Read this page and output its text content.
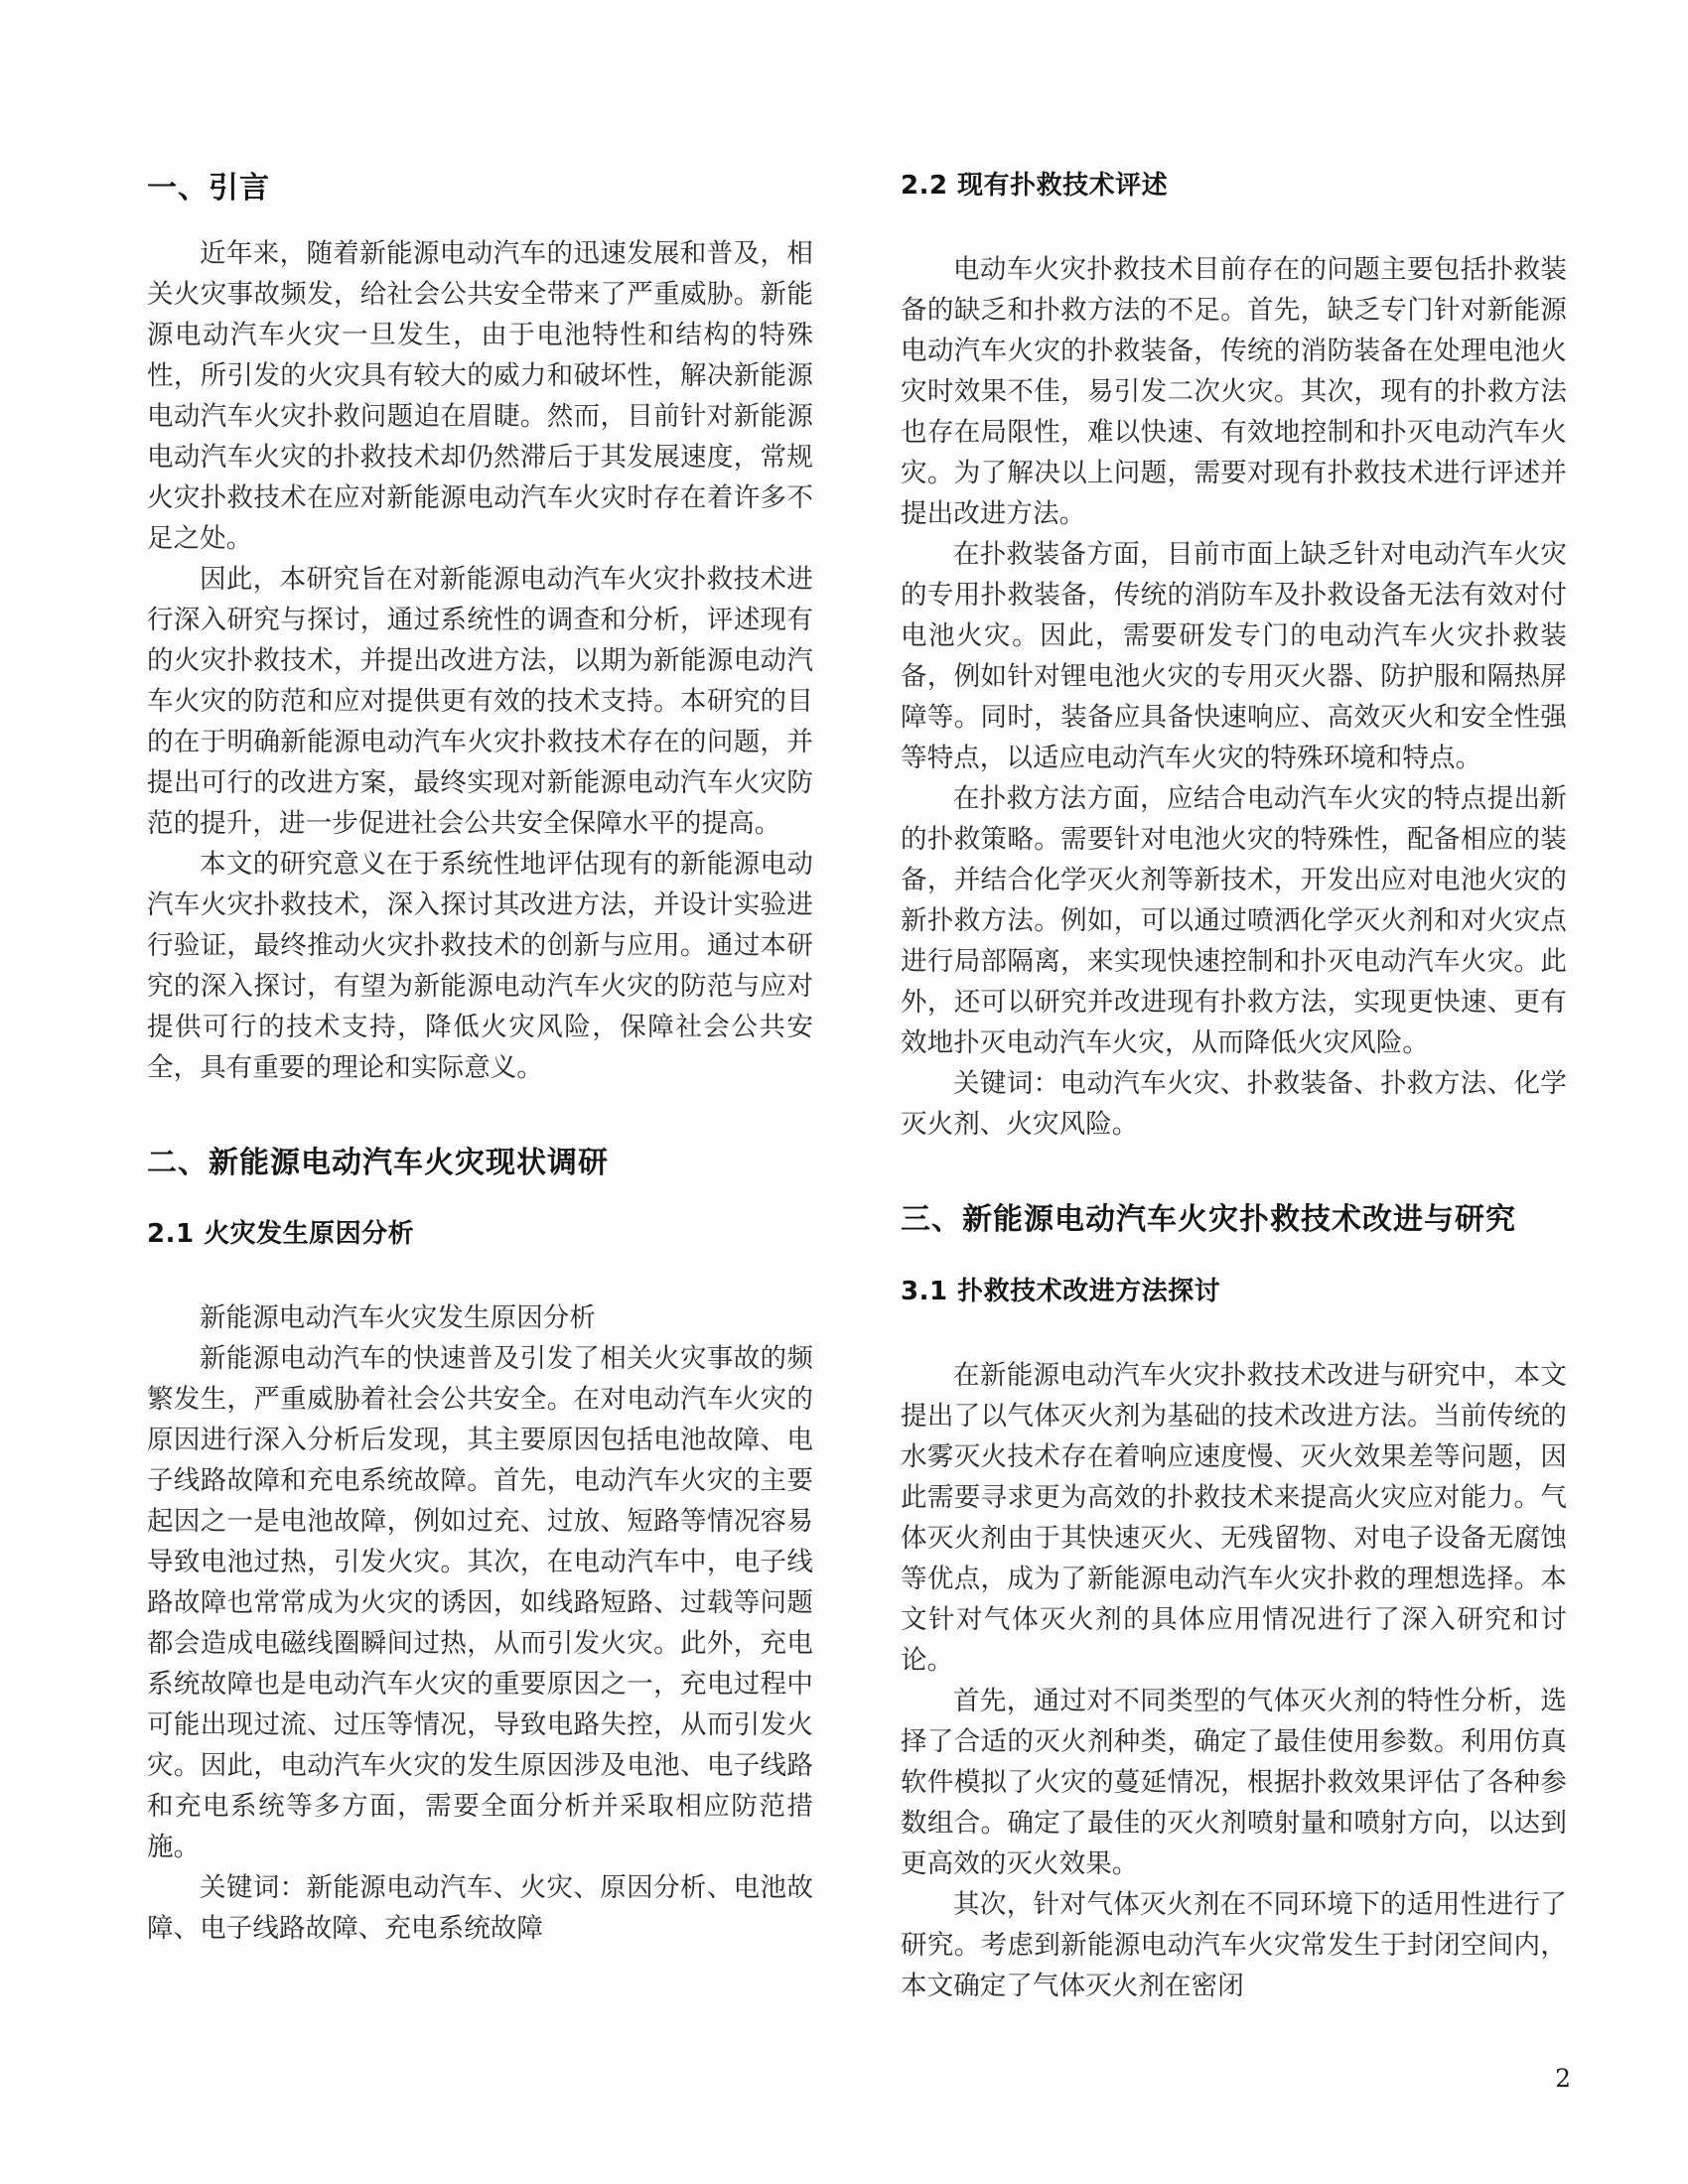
一、引言

近年来，随着新能源电动汽车的迅速发展和普及，相关火灾事故频发，给社会公共安全带来了严重威胁。新能源电动汽车火灾一旦发生，由于电池特性和结构的特殊性，所引发的火灾具有较大的威力和破坏性，解决新能源电动汽车火灾扑救问题迫在眉睫。然而，目前针对新能源电动汽车火灾的扑救技术却仍然滞后于其发展速度，常规火灾扑救技术在应对新能源电动汽车火灾时存在着许多不足之处。

因此，本研究旨在对新能源电动汽车火灾扑救技术进行深入研究与探讨，通过系统性的调查和分析，评述现有的火灾扑救技术，并提出改进方法，以期为新能源电动汽车火灾的防范和应对提供更有效的技术支持。本研究的目的在于明确新能源电动汽车火灾扑救技术存在的问题，并提出可行的改进方案，最终实现对新能源电动汽车火灾防范的提升，进一步促进社会公共安全保障水平的提高。

本文的研究意义在于系统性地评估现有的新能源电动汽车火灾扑救技术，深入探讨其改进方法，并设计实验进行验证，最终推动火灾扑救技术的创新与应用。通过本研究的深入探讨，有望为新能源电动汽车火灾的防范与应对提供可行的技术支持，降低火灾风险，保障社会公共安全，具有重要的理论和实际意义。

二、新能源电动汽车火灾现状调研
2.1 火灾发生原因分析

新能源电动汽车火灾发生原因分析

新能源电动汽车的快速普及引发了相关火灾事故的频繁发生，严重威胁着社会公共安全。在对电动汽车火灾的原因进行深入分析后发现，其主要原因包括电池故障、电子线路故障和充电系统故障。首先，电动汽车火灾的主要起因之一是电池故障，例如过充、过放、短路等情况容易导致电池过热，引发火灾。其次，在电动汽车中，电子线路故障也常常成为火灾的诱因，如线路短路、过载等问题都会造成电磁线圈瞬间过热，从而引发火灾。此外，充电系统故障也是电动汽车火灾的重要原因之一，充电过程中可能出现过流、过压等情况，导致电路失控，从而引发火灾。因此，电动汽车火灾的发生原因涉及电池、电子线路和充电系统等多方面，需要全面分析并采取相应防范措施。

关键词：新能源电动汽车、火灾、原因分析、电池故障、电子线路故障、充电系统故障

2.2 现有扑救技术评述

电动车火灾扑救技术目前存在的问题主要包括扑救装备的缺乏和扑救方法的不足。首先，缺乏专门针对新能源电动汽车火灾的扑救装备，传统的消防装备在处理电池火灾时效果不佳，易引发二次火灾。其次，现有的扑救方法也存在局限性，难以快速、有效地控制和扑灭电动汽车火灾。为了解决以上问题，需要对现有扑救技术进行评述并提出改进方法。

在扑救装备方面，目前市面上缺乏针对电动汽车火灾的专用扑救装备，传统的消防车及扑救设备无法有效对付电池火灾。因此，需要研发专门的电动汽车火灾扑救装备，例如针对锂电池火灾的专用灭火器、防护服和隔热屏障等。同时，装备应具备快速响应、高效灭火和安全性强等特点，以适应电动汽车火灾的特殊环境和特点。

在扑救方法方面，应结合电动汽车火灾的特点提出新的扑救策略。需要针对电池火灾的特殊性，配备相应的装备，并结合化学灭火剂等新技术，开发出应对电池火灾的新扑救方法。例如，可以通过喷洒化学灭火剂和对火灾点进行局部隔离，来实现快速控制和扑灭电动汽车火灾。此外，还可以研究并改进现有扑救方法，实现更快速、更有效地扑灭电动汽车火灾，从而降低火灾风险。

关键词：电动汽车火灾、扑救装备、扑救方法、化学灭火剂、火灾风险。

三、新能源电动汽车火灾扑救技术改进与研究
3.1 扑救技术改进方法探讨

在新能源电动汽车火灾扑救技术改进与研究中，本文提出了以气体灭火剂为基础的技术改进方法。当前传统的水雾灭火技术存在着响应速度慢、灭火效果差等问题，因此需要寻求更为高效的扑救技术来提高火灾应对能力。气体灭火剂由于其快速灭火、无残留物、对电子设备无腐蚀等优点，成为了新能源电动汽车火灾扑救的理想选择。本文针对气体灭火剂的具体应用情况进行了深入研究和讨论。

首先，通过对不同类型的气体灭火剂的特性分析，选择了合适的灭火剂种类，确定了最佳使用参数。利用仿真软件模拟了火灾的蔓延情况，根据扑救效果评估了各种参数组合。确定了最佳的灭火剂喷射量和喷射方向，以达到更高效的灭火效果。

其次，针对气体灭火剂在不同环境下的适用性进行了研究。考虑到新能源电动汽车火灾常发生于封闭空间内，本文确定了气体灭火剂在密闭

2
